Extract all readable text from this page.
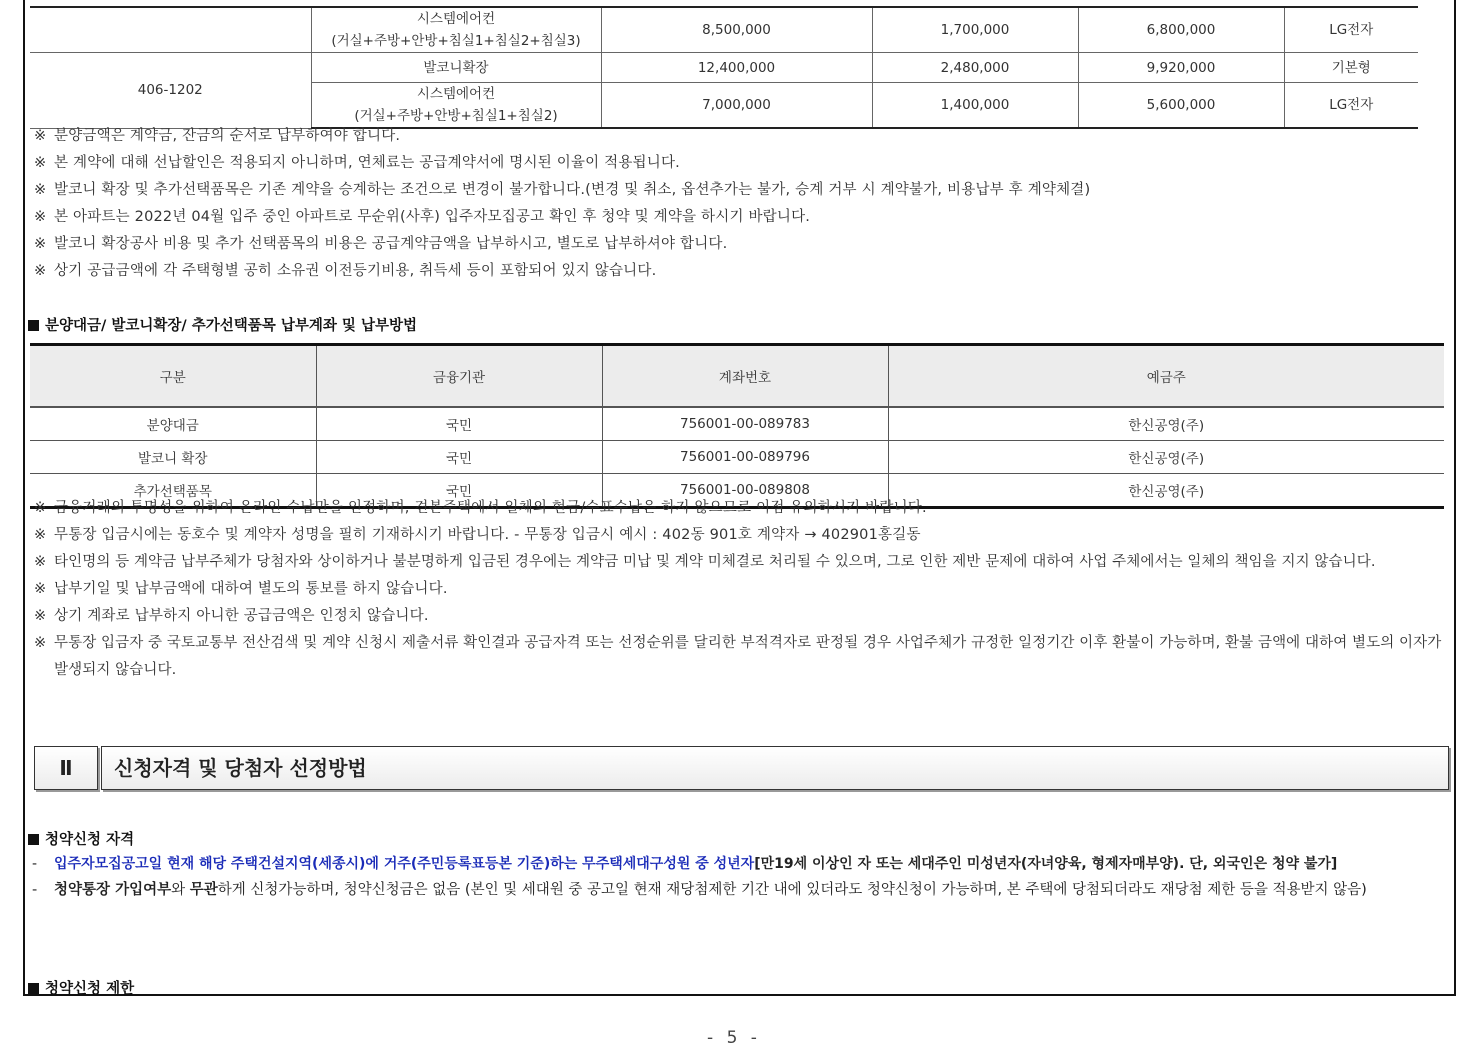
	시스템에어컨
(거실+주방+안방+침실1+침실2+침실3)	8,500,000	1,700,000	6,800,000	LG전자
406-1202	발코니확장	12,400,000	2,480,000	9,920,000	기본형

	시스템에어컨
(거실+주방+안방+침실1+침실2)	7,000,000	1,400,000	5,600,000	LG전자
※ 분양금액은 계약금, 잔금의 순서로 납부하여야 합니다.
※ 본 계약에 대해 선납할인은 적용되지 아니하며, 연체료는 공급계약서에 명시된 이율이 적용됩니다.
※ 발코니 확장 및 추가선택품목은 기존 계약을 승계하는 조건으로 변경이 불가합니다.(변경 및 취소, 옵션추가는 불가, 승계 거부 시 계약불가, 비용납부 후 계약체결)
※ 본 아파트는 2022년 04월 입주 중인 아파트로 무순위(사후) 입주자모집공고 확인 후 청약 및 계약을 하시기 바랍니다.
※ 발코니 확장공사 비용 및 추가 선택품목의 비용은 공급계약금액을 납부하시고, 별도로 납부하셔야 합니다.
※ 상기 공급금액에 각 주택형별 공히 소유권 이전등기비용, 취득세 등이 포함되어 있지 않습니다.
분양대금/ 발코니확장/ 추가선택품목 납부계좌 및 납부방법
구분	금융기관	계좌번호	예금주
분양대금	국민	756001-00-089783	한신공영(주)
발코니 확장	국민	756001-00-089796	한신공영(주)
추가선택품목	국민	756001-00-089808	한신공영(주)
※ 금융거래의 투명성을 위하여 온라인 수납만을 인정하며, 견본주택에서 일체의 현금/수표수납은 하지 않으므로 이점 유의하시기 바랍니다.
※ 무통장 입금시에는 동호수 및 계약자 성명을 필히 기재하시기 바랍니다. - 무통장 입금시 예시 : 402동 901호 계약자 → 402901홍길동
※ 타인명의 등 계약금 납부주체가 당첨자와 상이하거나 불분명하게 입금된 경우에는 계약금 미납 및 계약 미체결로 처리될 수 있으며, 그로 인한 제반 문제에 대하여 사업 주체에서는 일체의 책임을 지지 않습니다.
※ 납부기일 및 납부금액에 대하여 별도의 통보를 하지 않습니다.
※ 상기 계좌로 납부하지 아니한 공급금액은 인정치 않습니다.
※ 무통장 입금자 중 국토교통부 전산검색 및 계약 신청시 제출서류 확인결과 공급자격 또는 선정순위를 달리한 부적격자로 판정될 경우 사업주체가 규정한 일정기간 이후 환불이 가능하며, 환불 금액에 대하여 별도의 이자가 발생되지 않습니다.
Ⅱ	신청자격 및 당첨자 선정방법
청약신청 자격
- 입주자모집공고일 현재 해당 주택건설지역(세종시)에 거주(주민등록표등본 기준)하는 무주택세대구성원 중 성년자[만19세 이상인 자 또는 세대주인 미성년자(자녀양육, 형제자매부양). 단, 외국인은 청약 불가]
- 청약통장 가입여부와 무관하게 신청가능하며, 청약신청금은 없음 (본인 및 세대원 중 공고일 현재 재당첨제한 기간 내에 있더라도 청약신청이 가능하며, 본 주택에 당첨되더라도 재당첨 제한 등을 적용받지 않음)
청약신청 제한
- 5 -
